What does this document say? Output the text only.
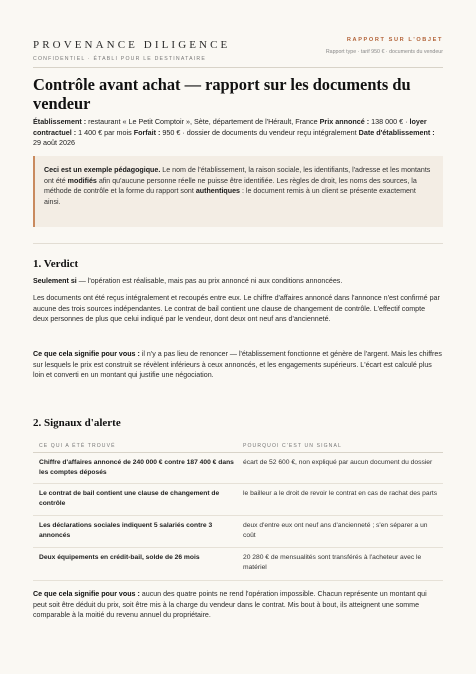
PROVENANCE DILIGENCE
CONFIDENTIEL · ÉTABLI POUR LE DESTINATAIRE
RAPPORT SUR L'OBJET
Rapport type · tarif 950 € · documents du vendeur
Contrôle avant achat — rapport sur les documents du vendeur
Établissement : restaurant « Le Petit Comptoir », Sète, département de l'Hérault, France Prix annoncé : 138 000 € · loyer contractuel : 1 400 € par mois Forfait : 950 € · dossier de documents du vendeur reçu intégralement Date d'établissement : 29 août 2026
Ceci est un exemple pédagogique. Le nom de l'établissement, la raison sociale, les identifiants, l'adresse et les montants ont été modifiés afin qu'aucune personne réelle ne puisse être identifiée. Les règles de droit, les noms des sources, la méthode de contrôle et la forme du rapport sont authentiques : le document remis à un client se présente exactement ainsi.
1. Verdict
Seulement si — l'opération est réalisable, mais pas au prix annoncé ni aux conditions annoncées.
Les documents ont été reçus intégralement et recoupés entre eux. Le chiffre d'affaires annoncé dans l'annonce n'est confirmé par aucune des trois sources indépendantes. Le contrat de bail contient une clause de changement de contrôle. L'effectif compte deux personnes de plus que celui indiqué par le vendeur, dont deux ont neuf ans d'ancienneté.
Ce que cela signifie pour vous : il n'y a pas lieu de renoncer — l'établissement fonctionne et génère de l'argent. Mais les chiffres sur lesquels le prix est construit se révèlent inférieurs à ceux annoncés, et les engagements supérieurs. L'écart est calculé plus loin et converti en un montant qui justifie une négociation.
2. Signaux d'alerte
CE QUI A ÉTÉ TROUVÉ	POURQUOI C'EST UN SIGNAL
Chiffre d'affaires annoncé de 240 000 € contre 187 400 € dans les comptes déposés
écart de 52 600 €, non expliqué par aucun document du dossier
Le contrat de bail contient une clause de changement de contrôle
le bailleur a le droit de revoir le contrat en cas de rachat des parts
Les déclarations sociales indiquent 5 salariés contre 3 annoncés
deux d'entre eux ont neuf ans d'ancienneté ; s'en séparer a un coût
Deux équipements en crédit-bail, solde de 26 mois	20 280 € de mensualités sont transférés à l'acheteur avec le matériel
Ce que cela signifie pour vous : aucun des quatre points ne rend l'opération impossible. Chacun représente un montant qui peut soit être déduit du prix, soit être mis à la charge du vendeur dans le contrat. Mis bout à bout, ils atteignent une somme comparable à la moitié du revenu annuel du propriétaire.
